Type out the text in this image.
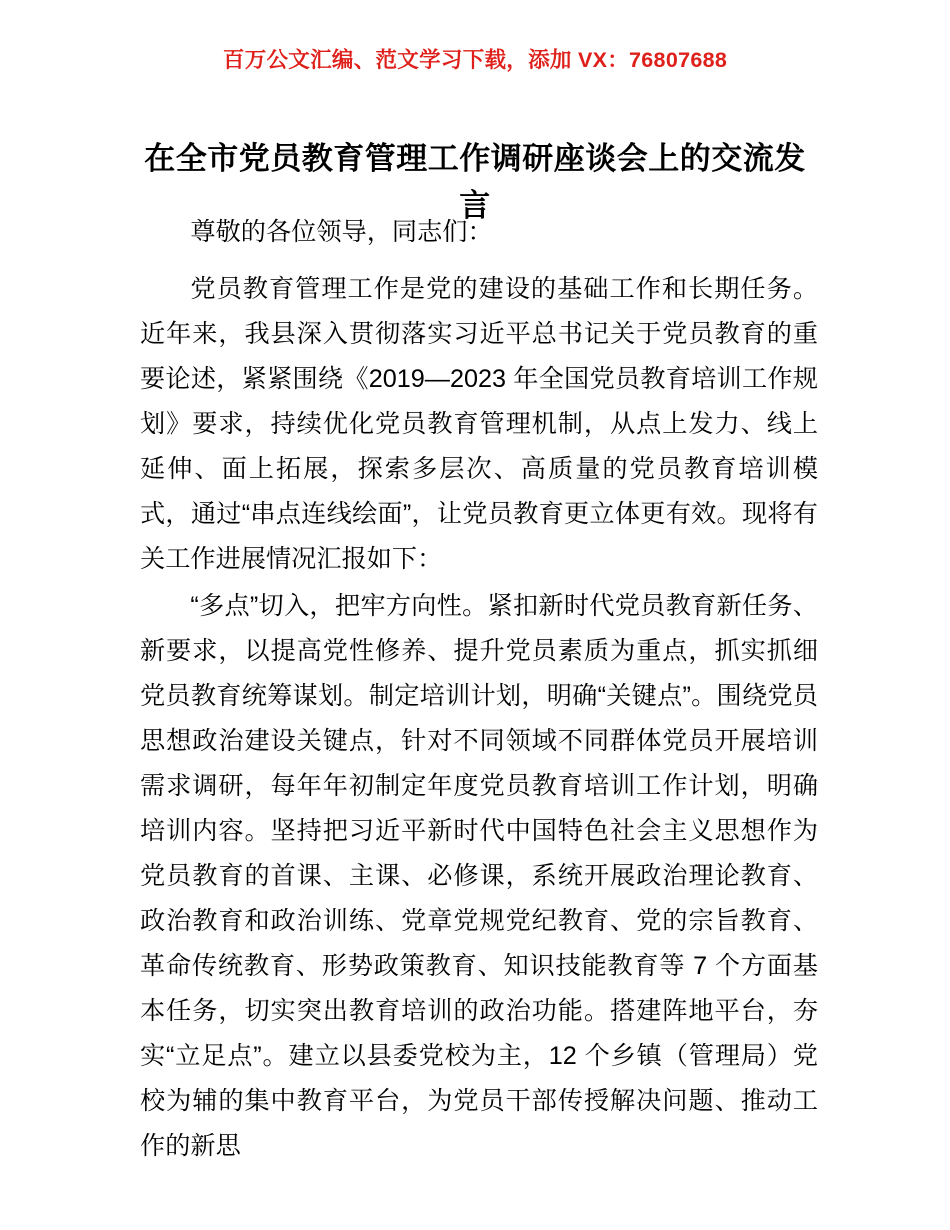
百万公文汇编、范文学习下载，添加 VX：76807688
在全市党员教育管理工作调研座谈会上的交流发言

尊敬的各位领导，同志们：

党员教育管理工作是党的建设的基础工作和长期任务。近年来，我县深入贯彻落实习近平总书记关于党员教育的重要论述，紧紧围绕《2019—2023 年全国党员教育培训工作规划》要求，持续优化党员教育管理机制，从点上发力、线上延伸、面上拓展，探索多层次、高质量的党员教育培训模式，通过“串点连线绘面”，让党员教育更立体更有效。现将有关工作进展情况汇报如下：

“多点”切入，把牢方向性。紧扣新时代党员教育新任务、新要求，以提高党性修养、提升党员素质为重点，抓实抓细党员教育统筹谋划。制定培训计划，明确“关键点”。围绕党员思想政治建设关键点，针对不同领域不同群体党员开展培训需求调研，每年年初制定年度党员教育培训工作计划，明确培训内容。坚持把习近平新时代中国特色社会主义思想作为党员教育的首课、主课、必修课，系统开展政治理论教育、政治教育和政治训练、党章党规党纪教育、党的宗旨教育、革命传统教育、形势政策教育、知识技能教育等 7 个方面基本任务，切实突出教育培训的政治功能。搭建阵地平台，夯实“立足点”。建立以县委党校为主，12 个乡镇（管理局）党校为辅的集中教育平台，为党员干部传授解决问题、推动工作的新思
